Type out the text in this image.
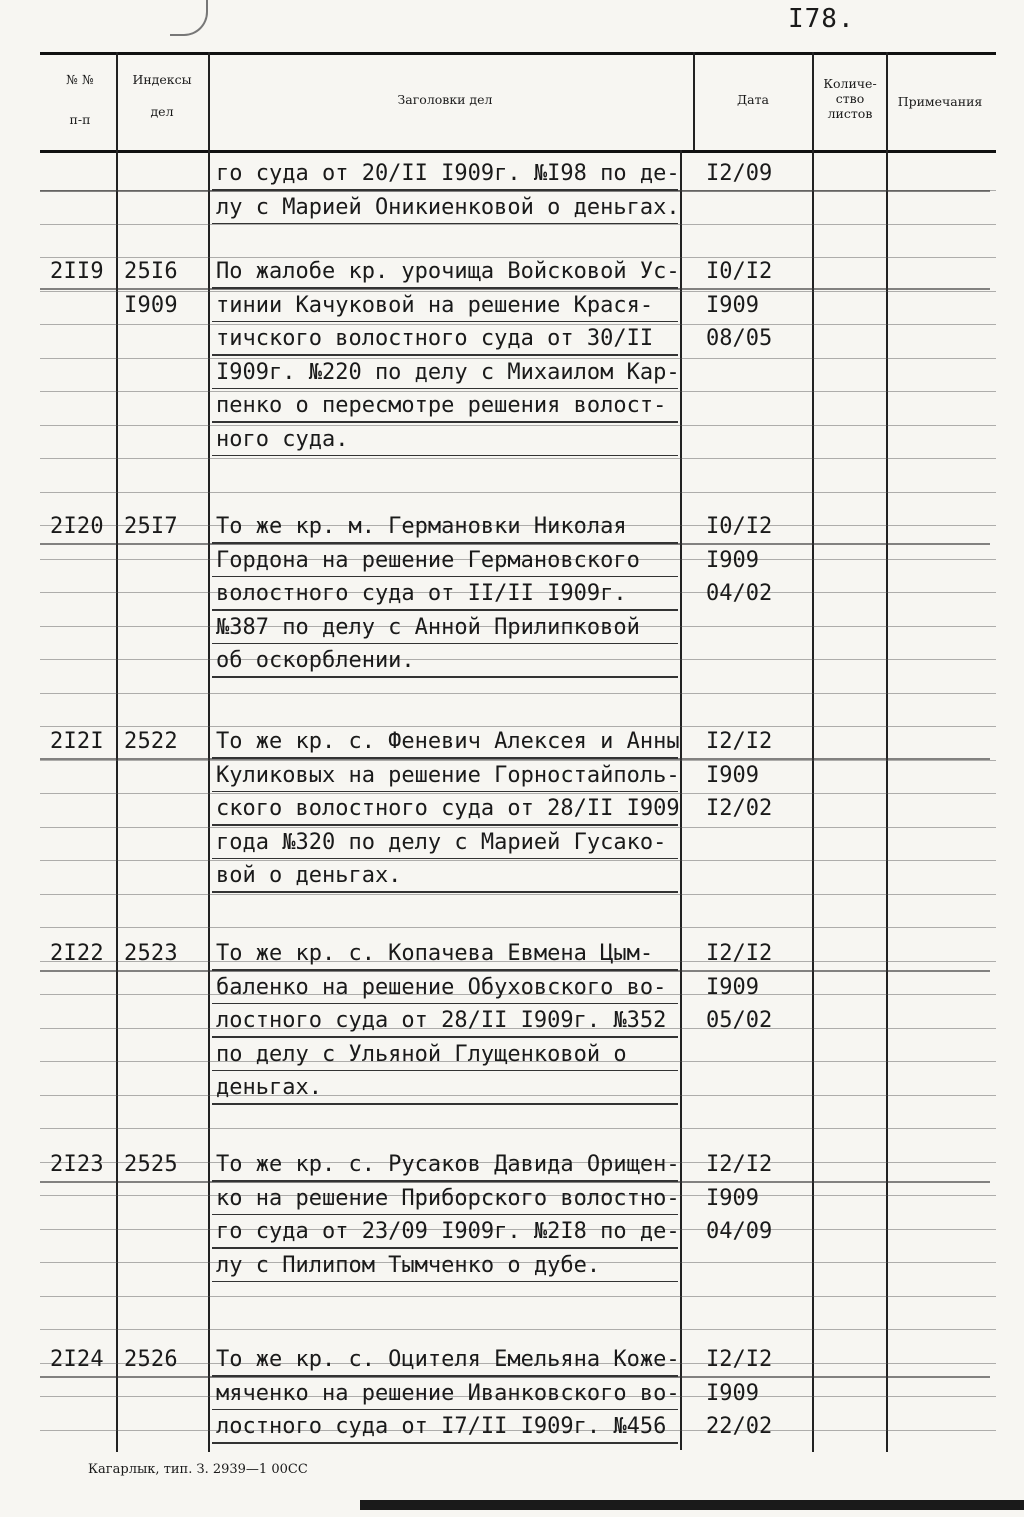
I78.
№ №
п-п
Индексы
дел
Заголовки дел	Дата
Количе-
ство
листов
Примечания
го суда от 20/II I909г. №I98 по де-
лу с Марией Оникиенковой о деньгах.
I2/09
2II9 25I6
I909
По жалобе кр. урочища Войсковой Ус-
тинии Качуковой на решение Крася-
тичского волостного суда от 30/II
I909г. №220 по делу с Михаилом Кар-
пенко о пересмотре решения волост-
ного суда.
I0/I2
I909
08/05
2I20 25I7 То же кр. м. Германовки Николая
Гордона на решение Германовского
волостного суда от II/II I909г.
№387 по делу с Анной Прилипковой
об оскорблении.
I0/I2
I909
04/02
2I2I 2522 То же кр. с. Феневич Алексея и Анны
Куликовых на решение Горностайполь-
ского волостного суда от 28/II I909
года №320 по делу с Марией Гусако-
вой о деньгах.
I2/I2
I909
I2/02
2I22 2523 То же кр. с. Копачева Евмена Цым-
баленко на решение Обуховского во-
лостного суда от 28/II I909г. №352
по делу с Ульяной Глущенковой о
деньгах.
I2/I2
I909
05/02
2I23 2525 То же кр. с. Русаков Давида Орищен-
ко на решение Приборского волостно-
го суда от 23/09 I909г. №2I8 по де-
лу с Пилипом Тымченко о дубе.
I2/I2
I909
04/09
2I24 2526 То же кр. с. Оцителя Емельяна Коже-
мяченко на решение Иванковского во-
лостного суда от I7/II I909г. №456
I2/I2
I909
22/02
Кагарлык, тип. З. 2939—1 00СС
